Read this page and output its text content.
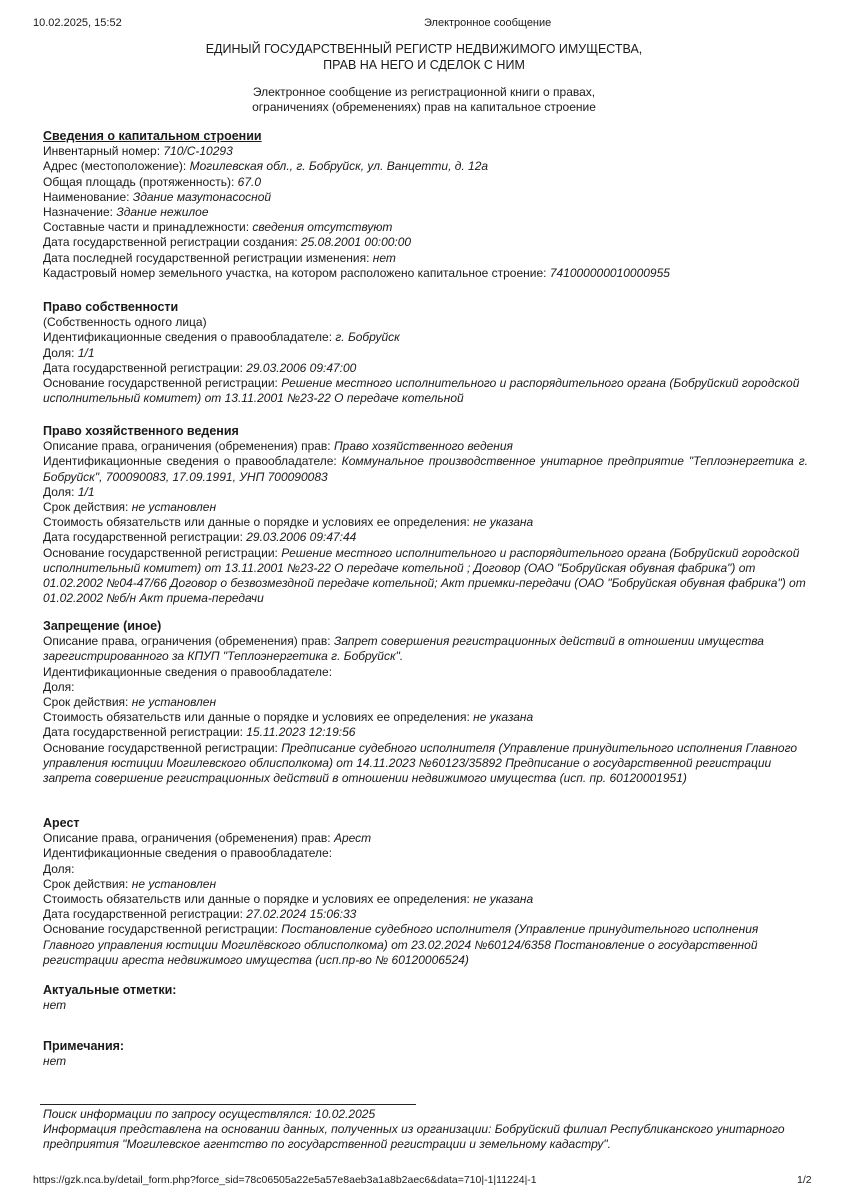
10.02.2025, 15:52	Электронное сообщение
ЕДИНЫЙ ГОСУДАРСТВЕННЫЙ РЕГИСТР НЕДВИЖИМОГО ИМУЩЕСТВА,
ПРАВ НА НЕГО И СДЕЛОК С НИМ
Электронное сообщение из регистрационной книги о правах,
ограничениях (обременениях) прав на капитальное строение
Сведения о капитальном строении
Инвентарный номер: 710/C-10293
Адрес (местоположение): Могилевская обл., г. Бобруйск, ул. Ванцетти, д. 12а
Общая площадь (протяженность): 67.0
Наименование: Здание мазутонасосной
Назначение: Здание нежилое
Составные части и принадлежности: сведения отсутствуют
Дата государственной регистрации создания: 25.08.2001 00:00:00
Дата последней государственной регистрации изменения: нет
Кадастровый номер земельного участка, на котором расположено капитальное строение: 741000000010000955
Право собственности
(Собственность одного лица)
Идентификационные сведения о правообладателе: г. Бобруйск
Доля: 1/1
Дата государственной регистрации: 29.03.2006 09:47:00
Основание государственной регистрации: Решение местного исполнительного и распорядительного органа (Бобруйский городской исполнительный комитет) от 13.11.2001 №23-22 О передаче котельной
Право хозяйственного ведения
Описание права, ограничения (обременения) прав: Право хозяйственного ведения
Идентификационные сведения о правообладателе: Коммунальное производственное унитарное предприятие "Теплоэнергетика г. Бобруйск", 700090083, 17.09.1991, УНП 700090083
Доля: 1/1
Срок действия: не установлен
Стоимость обязательств или данные о порядке и условиях ее определения: не указана
Дата государственной регистрации: 29.03.2006 09:47:44
Основание государственной регистрации: Решение местного исполнительного и распорядительного органа (Бобруйский городской исполнительный комитет) от 13.11.2001 №23-22 О передаче котельной ; Договор (ОАО "Бобруйская обувная фабрика") от 01.02.2002 №04-47/66 Договор о безвозмездной передаче котельной; Акт приемки-передачи (ОАО "Бобруйская обувная фабрика") от 01.02.2002 №б/н Акт приема-передачи
Запрещение (иное)
Описание права, ограничения (обременения) прав: Запрет совершения регистрационных действий в отношении имущества зарегистрированного за КПУП "Теплоэнергетика г. Бобруйск".
Идентификационные сведения о правообладателе:
Доля:
Срок действия: не установлен
Стоимость обязательств или данные о порядке и условиях ее определения: не указана
Дата государственной регистрации: 15.11.2023 12:19:56
Основание государственной регистрации: Предписание судебного исполнителя (Управление принудительного исполнения Главного управления юстиции Могилевского облисполкома) от 14.11.2023 №60123/35892 Предписание о государственной регистрации запрета совершение регистрационных действий в отношении недвижимого имущества (исп. пр. 60120001951)
Арест
Описание права, ограничения (обременения) прав: Арест
Идентификационные сведения о правообладателе:
Доля:
Срок действия: не установлен
Стоимость обязательств или данные о порядке и условиях ее определения: не указана
Дата государственной регистрации: 27.02.2024 15:06:33
Основание государственной регистрации: Постановление судебного исполнителя (Управление принудительного исполнения Главного управления юстиции Могилёвского облисполкома) от 23.02.2024 №60124/6358 Постановление о государственной регистрации ареста недвижимого имущества (исп.пр-во № 60120006524)
Актуальные отметки:
нет
Примечания:
нет
Поиск информации по запросу осуществлялся: 10.02.2025
Информация представлена на основании данных, полученных из организации: Бобруйский филиал Республиканского унитарного предприятия "Могилевское агентство по государственной регистрации и земельному кадастру".
https://gzk.nca.by/detail_form.php?force_sid=78c06505a22e5a57e8aeb3a1a8b2aec6&data=710|-1|11224|-1	1/2
